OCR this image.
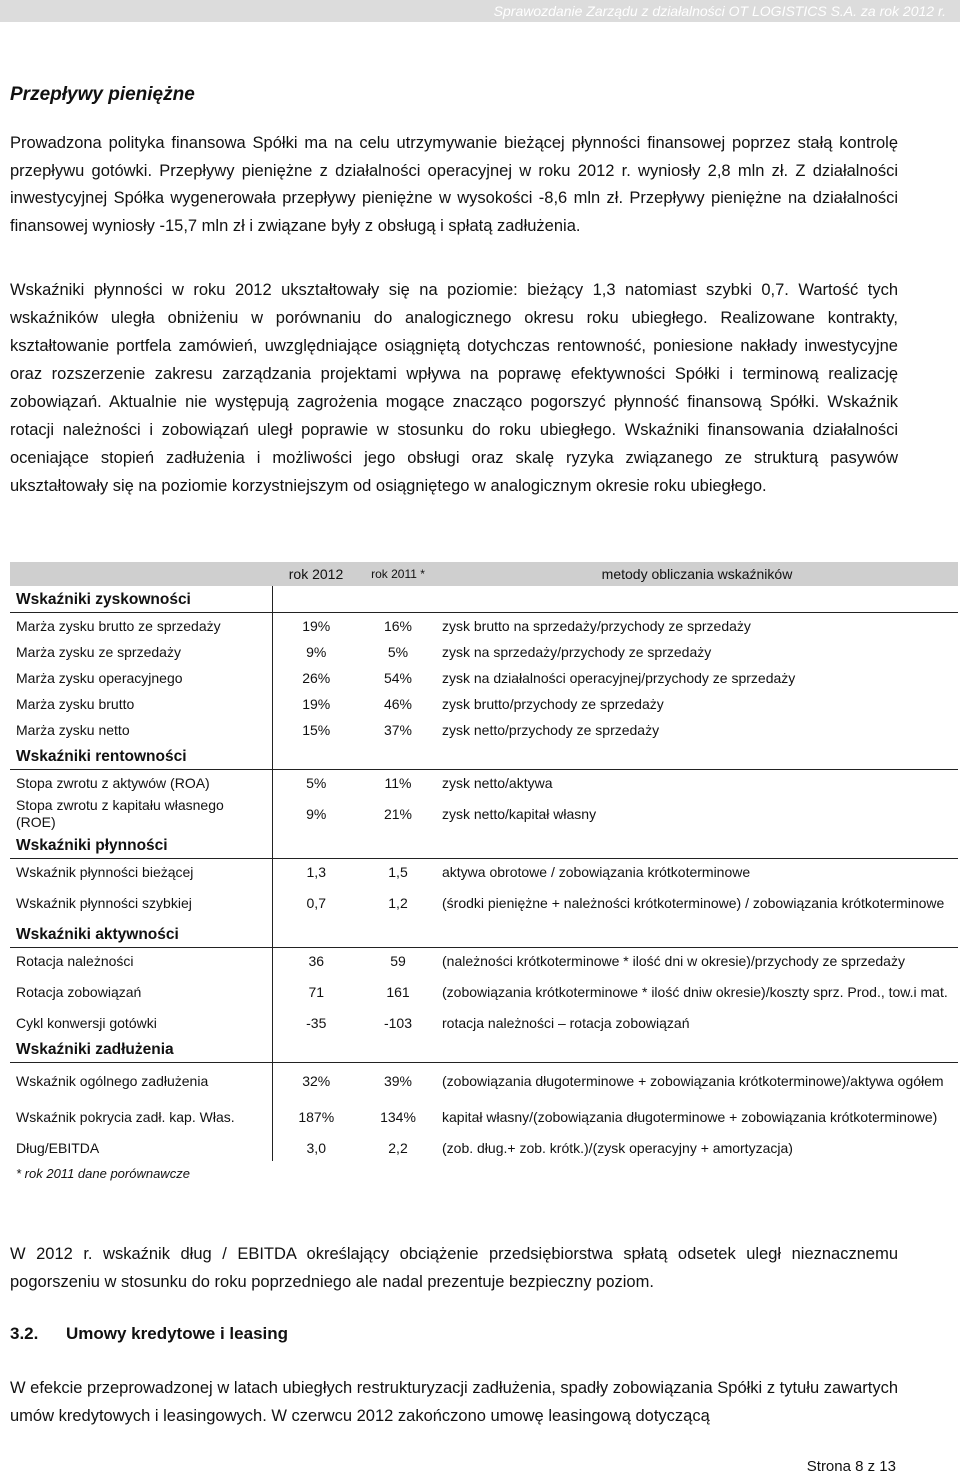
Sprawozdanie Zarządu z działalności OT LOGISTICS S.A. za rok 2012 r.
Przepływy pieniężne

Prowadzona polityka finansowa Spółki ma na celu utrzymywanie bieżącej płynności finansowej poprzez stałą kontrolę przepływu gotówki. Przepływy pieniężne z działalności operacyjnej w roku 2012 r. wyniosły 2,8 mln zł. Z działalności inwestycyjnej Spółka wygenerowała przepływy pieniężne w wysokości -8,6 mln zł. Przepływy pieniężne na działalności finansowej wyniosły -15,7 mln zł i związane były z obsługą i spłatą zadłużenia.

Wskaźniki płynności w roku 2012 ukształtowały się na poziomie: bieżący 1,3 natomiast szybki 0,7. Wartość tych wskaźników uległa obniżeniu w porównaniu do analogicznego okresu roku ubiegłego. Realizowane kontrakty, kształtowanie portfela zamówień, uwzględniające osiągniętą dotychczas rentowność, poniesione nakłady inwestycyjne oraz rozszerzenie zakresu zarządzania projektami wpływa na poprawę efektywności Spółki i terminową realizację zobowiązań. Aktualnie nie występują zagrożenia mogące znacząco pogorszyć płynność finansową Spółki. Wskaźnik rotacji należności i zobowiązań uległ poprawie w stosunku do roku ubiegłego. Wskaźniki finansowania działalności oceniające stopień zadłużenia i możliwości jego obsługi oraz skalę ryzyka związanego ze strukturą pasywów ukształtowały się na poziomie korzystniejszym od osiągniętego w analogicznym okresie roku ubiegłego.

	rok 2012	rok 2011 *	metody obliczania wskaźników
Wskaźniki zyskowności			
Marża zysku brutto ze sprzedaży	19%	16%	zysk brutto na sprzedaży/przychody ze sprzedaży
Marża zysku ze sprzedaży	9%	5%	zysk na sprzedaży/przychody ze sprzedaży
Marża zysku operacyjnego	26%	54%	zysk na działalności operacyjnej/przychody ze sprzedaży
Marża zysku brutto	19%	46%	zysk brutto/przychody ze sprzedaży
Marża zysku netto	15%	37%	zysk netto/przychody ze sprzedaży
Wskaźniki rentowności			
Stopa zwrotu z aktywów (ROA)	5%	11%	zysk netto/aktywa
Stopa zwrotu z kapitału własnego (ROE)	9%	21%	zysk netto/kapitał własny
Wskaźniki płynności			
Wskaźnik płynności bieżącej	1,3	1,5	aktywa obrotowe / zobowiązania krótkoterminowe
Wskaźnik płynności szybkiej	0,7	1,2	(środki pieniężne + należności krótkoterminowe) / zobowiązania krótkoterminowe
Wskaźniki aktywności			
Rotacja należności	36	59	(należności krótkoterminowe * ilość dni w okresie)/przychody ze sprzedaży
Rotacja zobowiązań	71	161	(zobowiązania krótkoterminowe * ilość dniw okresie)/koszty sprz. Prod., tow.i mat.
Cykl konwersji gotówki	-35	-103	rotacja należności – rotacja zobowiązań
Wskaźniki zadłużenia			
Wskaźnik ogólnego zadłużenia	32%	39%	(zobowiązania długoterminowe + zobowiązania krótkoterminowe)/aktywa ogółem
Wskaźnik pokrycia zadł. kap. Włas.	187%	134%	kapitał własny/(zobowiązania długoterminowe + zobowiązania krótkoterminowe)
Dług/EBITDA	3,0	2,2	(zob. dług.+ zob. krótk.)/(zysk operacyjny + amortyzacja)
* rok 2011 dane porównawcze			

W 2012 r. wskaźnik dług / EBITDA określający obciążenie przedsiębiorstwa spłatą odsetek uległ nieznacznemu pogorszeniu w stosunku do roku poprzedniego ale nadal prezentuje bezpieczny poziom.

3.2. Umowy kredytowe i leasing

W efekcie przeprowadzonej w latach ubiegłych restrukturyzacji zadłużenia, spadły zobowiązania Spółki z tytułu zawartych umów kredytowych i leasingowych. W czerwcu 2012 zakończono umowę leasingową dotyczącą

Strona 8 z 13
